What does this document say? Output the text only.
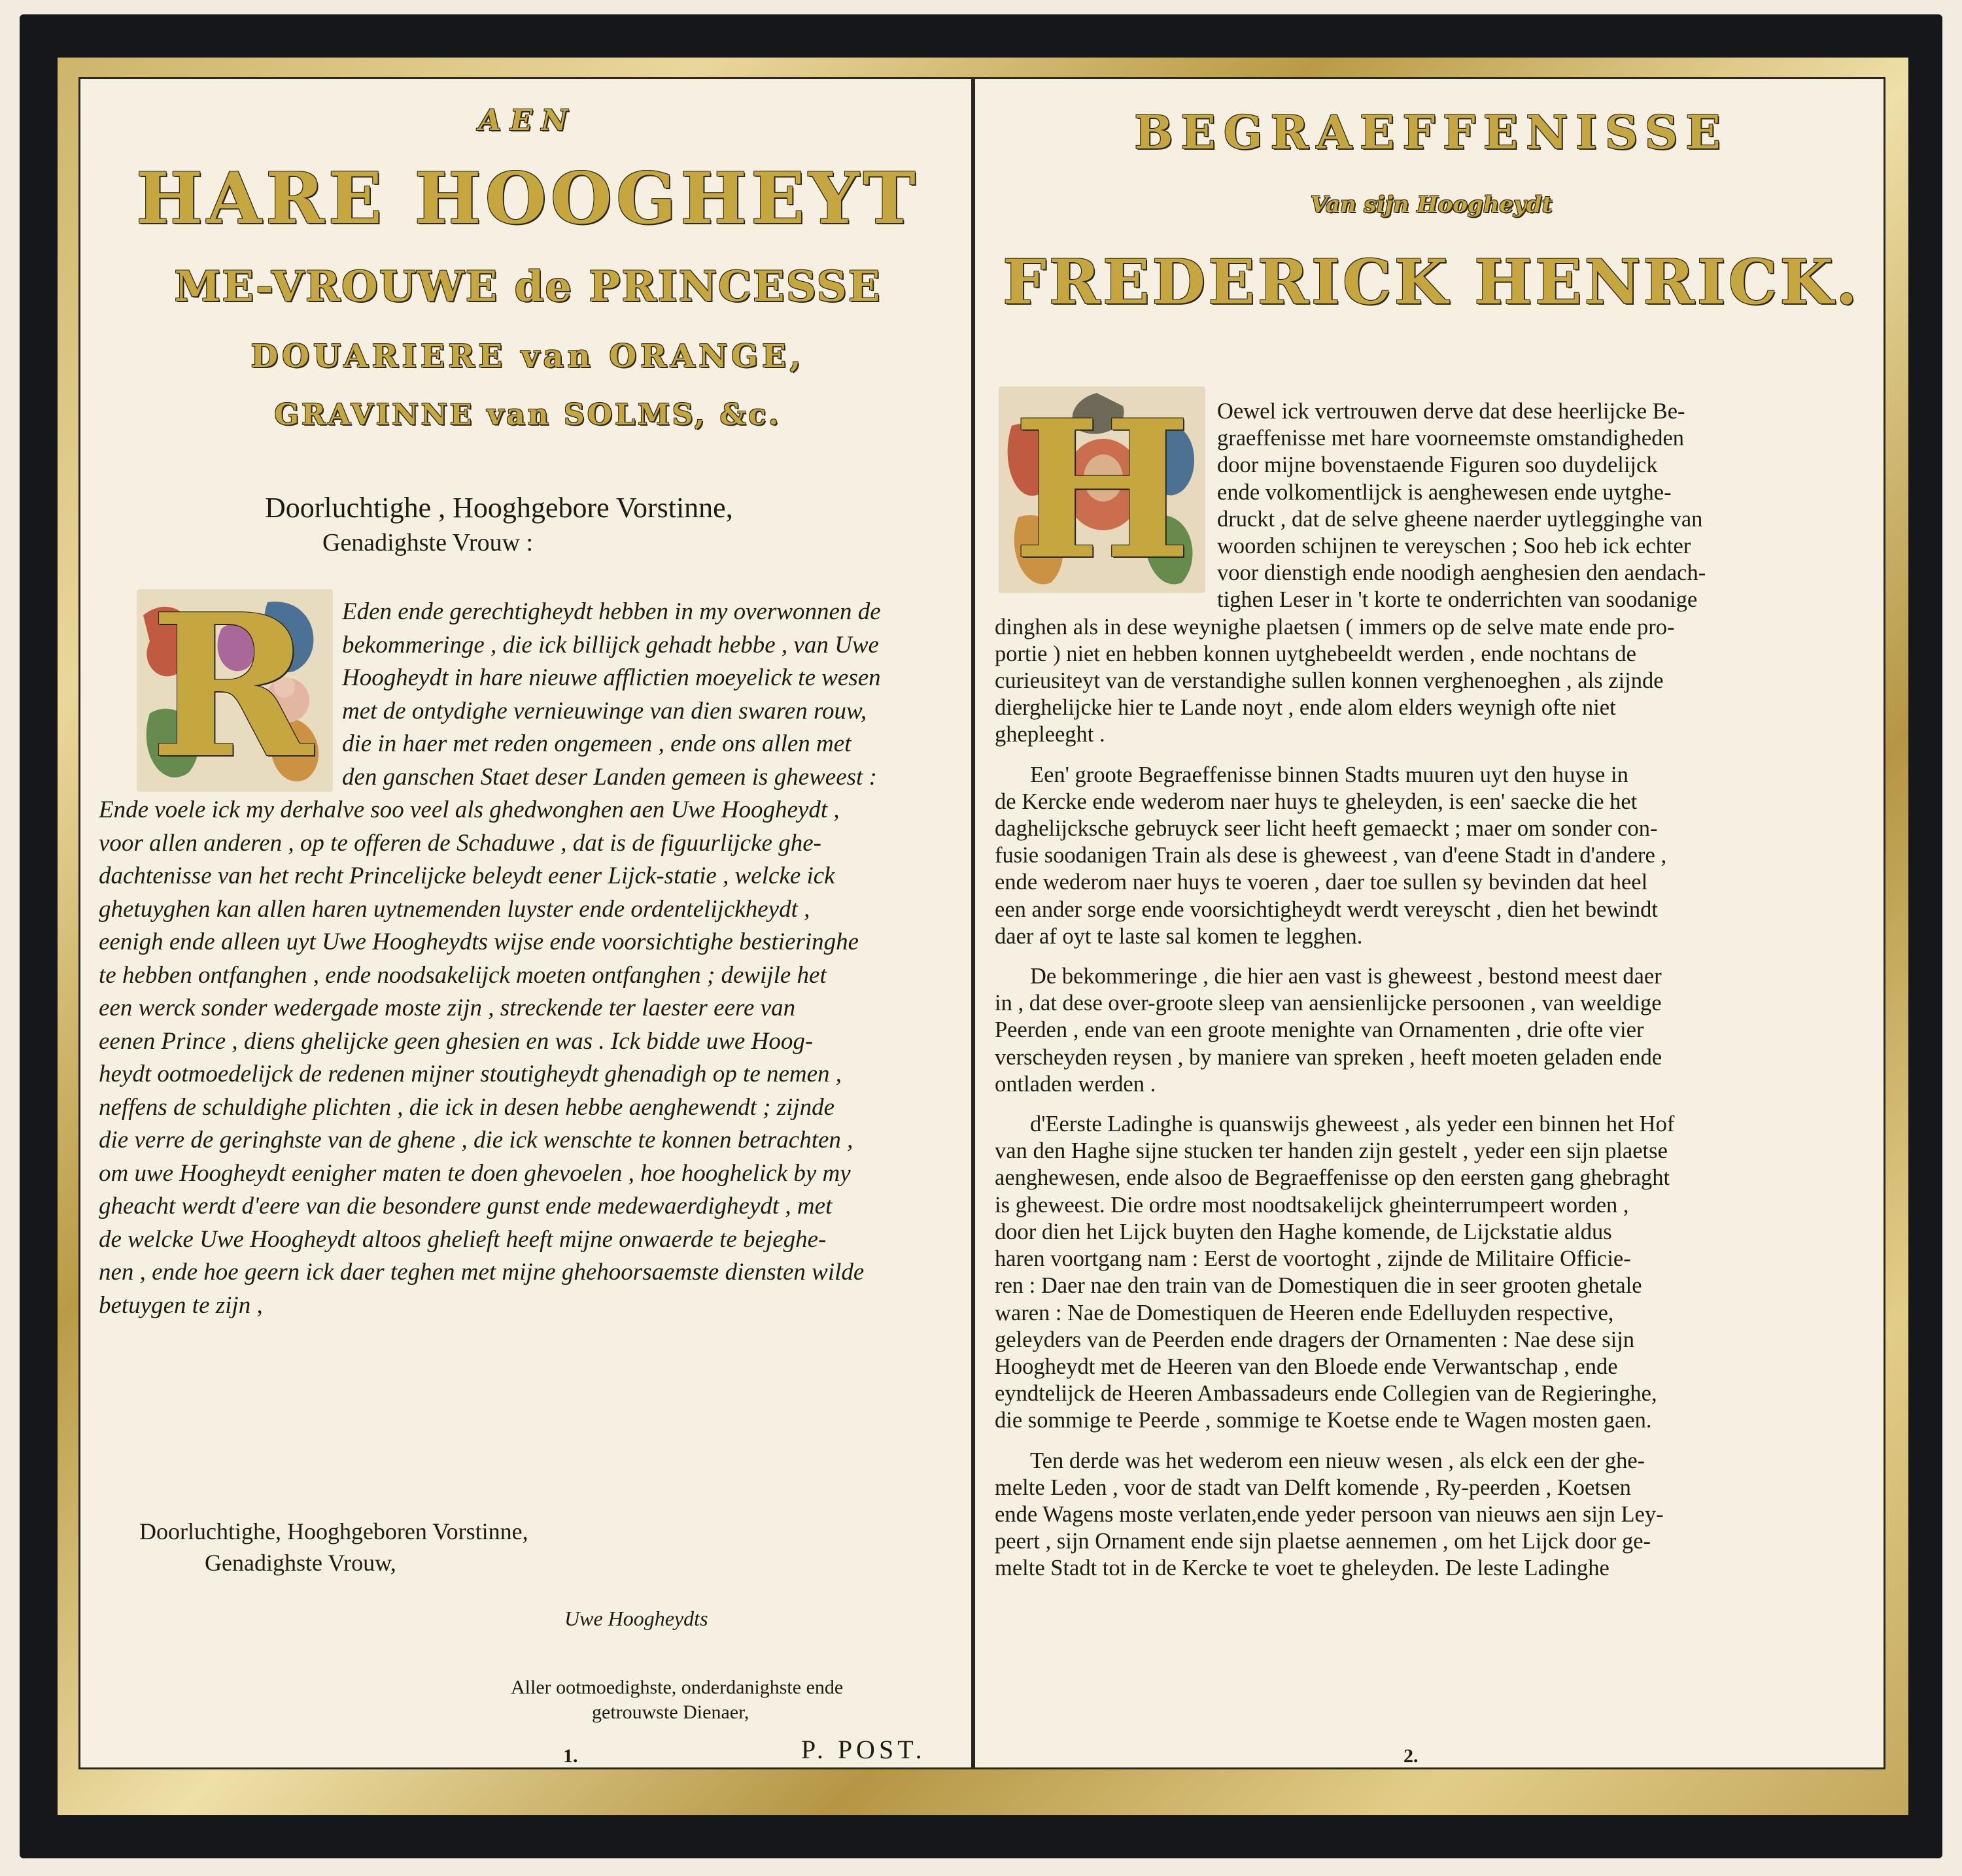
AEN
HARE HOOGHEYT
ME-VROUWE de PRINCESSE
DOUARIERE van ORANGE,
GRAVINNE van SOLMS, &c.
Doorluchtighe , Hooghgebore Vorstinne,
Genadighste Vrouw :
R	Eden ende gerechtigheydt hebben in my overwonnen de
bekommeringe , die ick billijck gehadt hebbe , van Uwe
Hoogheydt in hare nieuwe afflictien moeyelick te wesen
met de ontydighe vernieuwinge van dien swaren rouw,
die in haer met reden ongemeen , ende ons allen met
den ganschen Staet deser Landen gemeen is gheweest :
Ende voele ick my derhalve soo veel als ghedwonghen aen Uwe Hoogheydt ,
voor allen anderen , op te offeren de Schaduwe , dat is de figuurlijcke ghe-
dachtenisse van het recht Princelijcke beleydt eener Lijck-statie , welcke ick
ghetuyghen kan allen haren uytnemenden luyster ende ordentelijckheydt ,
eenigh ende alleen uyt Uwe Hoogheydts wijse ende voorsichtighe bestieringhe
te hebben ontfanghen , ende noodsakelijck moeten ontfanghen ; dewijle het
een werck sonder wedergade moste zijn , streckende ter laester eere van
eenen Prince , diens ghelijcke geen ghesien en was . Ick bidde uwe Hoog-
heydt ootmoedelijck de redenen mijner stoutigheydt ghenadigh op te nemen ,
neffens de schuldighe plichten , die ick in desen hebbe aenghewendt ; zijnde
die verre de geringhste van de ghene , die ick wenschte te konnen betrachten ,
om uwe Hoogheydt eenigher maten te doen ghevoelen , hoe hooghelick by my
gheacht werdt d'eere van die besondere gunst ende medewaerdigheydt , met
de welcke Uwe Hoogheydt altoos ghelieft heeft mijne onwaerde te bejeghe-
nen , ende hoe geern ick daer teghen met mijne ghehoorsaemste diensten wilde
betuygen te zijn ,
Doorluchtighe, Hooghgeboren Vorstinne,
Genadighste Vrouw,
Uwe Hoogheydts
Aller ootmoedighste, onderdanighste ende
getrouwste Dienaer,
P. POST.
1.
BEGRAEFFENISSE
Van sijn Hoogheydt
FREDERICK HENRICK.
H	Oewel ick vertrouwen derve dat dese heerlijcke Be-
graeffenisse met hare voorneemste omstandigheden
door mijne bovenstaende Figuren soo duydelijck
ende volkomentlijck is aenghewesen ende uytghe-
druckt , dat de selve gheene naerder uytlegginghe van
woorden schijnen te vereyschen ; Soo heb ick echter
voor dienstigh ende noodigh aenghesien den aendach-
tighen Leser in 't korte te onderrichten van soodanige
dinghen als in dese weynighe plaetsen ( immers op de selve mate ende pro-
portie ) niet en hebben konnen uytghebeeldt werden , ende nochtans de
curieusiteyt van de verstandighe sullen konnen verghenoeghen , als zijnde
dierghelijcke hier te Lande noyt , ende alom elders weynigh ofte niet
ghepleeght .
Een' groote Begraeffenisse binnen Stadts muuren uyt den huyse in
de Kercke ende wederom naer huys te gheleyden, is een' saecke die het
daghelijcksche gebruyck seer licht heeft gemaeckt ; maer om sonder con-
fusie soodanigen Train als dese is gheweest , van d'eene Stadt in d'andere ,
ende wederom naer huys te voeren , daer toe sullen sy bevinden dat heel
een ander sorge ende voorsichtigheydt werdt vereyscht , dien het bewindt
daer af oyt te laste sal komen te legghen.
De bekommeringe , die hier aen vast is gheweest , bestond meest daer
in , dat dese over-groote sleep van aensienlijcke persoonen , van weeldige
Peerden , ende van een groote menighte van Ornamenten , drie ofte vier
verscheyden reysen , by maniere van spreken , heeft moeten geladen ende
ontladen werden .
d'Eerste Ladinghe is quanswijs gheweest , als yeder een binnen het Hof
van den Haghe sijne stucken ter handen zijn gestelt , yeder een sijn plaetse
aenghewesen, ende alsoo de Begraeffenisse op den eersten gang ghebraght
is gheweest. Die ordre most noodtsakelijck gheinterrumpeert worden ,
door dien het Lijck buyten den Haghe komende, de Lijckstatie aldus
haren voortgang nam : Eerst de voortoght , zijnde de Militaire Officie-
ren : Daer nae den train van de Domestiquen die in seer grooten ghetale
waren : Nae de Domestiquen de Heeren ende Edelluyden respective,
geleyders van de Peerden ende dragers der Ornamenten : Nae dese sijn
Hoogheydt met de Heeren van den Bloede ende Verwantschap , ende
eyndtelijck de Heeren Ambassadeurs ende Collegien van de Regieringhe,
die sommige te Peerde , sommige te Koetse ende te Wagen mosten gaen.
Ten derde was het wederom een nieuw wesen , als elck een der ghe-
melte Leden , voor de stadt van Delft komende , Ry-peerden , Koetsen
ende Wagens moste verlaten,ende yeder persoon van nieuws aen sijn Ley-
peert , sijn Ornament ende sijn plaetse aennemen , om het Lijck door ge-
melte Stadt tot in de Kercke te voet te gheleyden. De leste Ladinghe
2.
